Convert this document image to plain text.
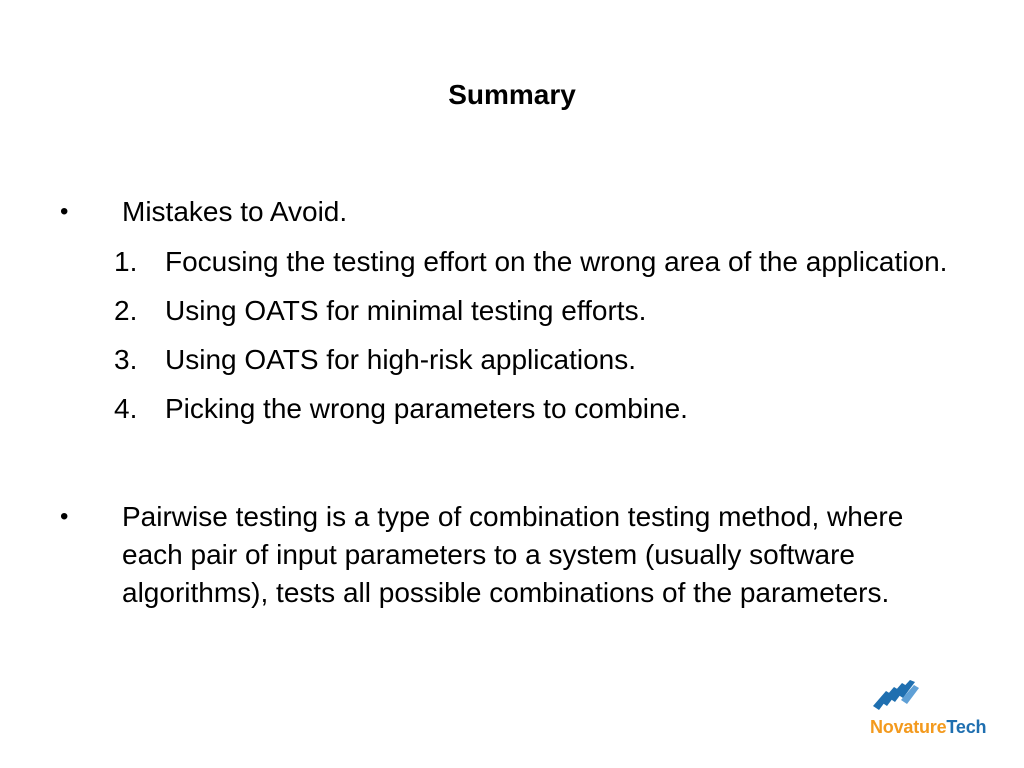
Summary
• Mistakes to Avoid.
1. Focusing the testing effort on the wrong area of the application.
2. Using OATS for minimal testing efforts.
3. Using OATS for high-risk applications.
4. Picking the wrong parameters to combine.
• Pairwise testing is a type of combination testing method, where each pair of input parameters to a system (usually software algorithms), tests all possible combinations of the parameters.
NovatureTech
